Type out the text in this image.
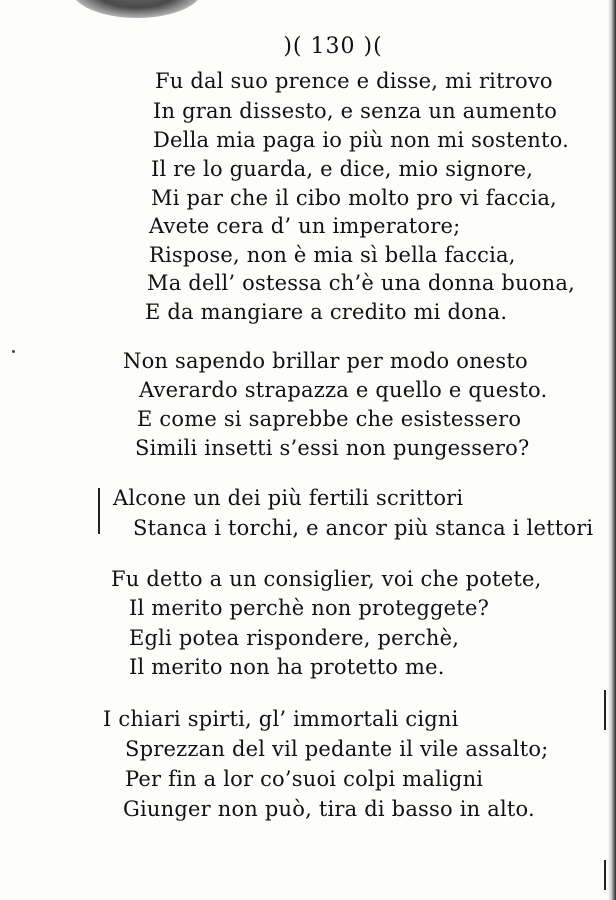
)( 130 )(
Fu dal suo prence e disse, mi ritrovo
In gran dissesto, e senza un aumento
Della mia paga io più non mi sostento.
Il re lo guarda, e dice, mio signore,
Mi par che il cibo molto pro vi faccia,
Avete cera d’ un imperatore;
Rispose, non è mia sì bella faccia,
Ma dell’ ostessa ch’è una donna buona,
E da mangiare a credito mi dona.
Non sapendo brillar per modo onesto
Averardo strapazza e quello e questo.
E come si saprebbe che esistessero
Simili insetti s’essi non pungessero?
Alcone un dei più fertili scrittori
Stanca i torchi, e ancor più stanca i lettori
Fu detto a un consiglier, voi che potete,
Il merito perchè non proteggete?
Egli potea rispondere, perchè,
Il merito non ha protetto me.
I chiari spirti, gl’ immortali cigni
Sprezzan del vil pedante il vile assalto;
Per fin a lor co’suoi colpi maligni
Giunger non può, tira di basso in alto.
